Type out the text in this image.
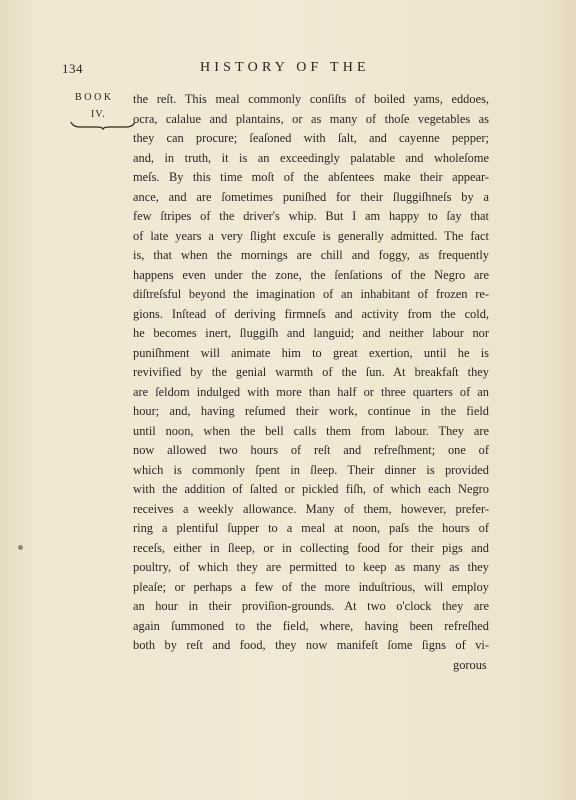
134	HISTORY OF THE
BOOK
IV.
the reſt. This meal commonly conſiſts of boiled yams, eddoes,
ocra, calalue and plantains, or as many of thoſe vegetables as
they can procure; ſeaſoned with ſalt, and cayenne pepper;
and, in truth, it is an exceedingly palatable and wholeſome
meſs. By this time moſt of the abſentees make their appear-
ance, and are ſometimes puniſhed for their ſluggiſhneſs by a
few ſtripes of the driver's whip. But I am happy to ſay that
of late years a very ſlight excuſe is generally admitted. The fact
is, that when the mornings are chill and foggy, as frequently
happens even under the zone, the ſenſations of the Negro are
diſtreſsful beyond the imagination of an inhabitant of frozen re-
gions. Inſtead of deriving firmneſs and activity from the cold,
he becomes inert, ſluggiſh and languid; and neither labour nor
puniſhment will animate him to great exertion, until he is
revivified by the genial warmth of the ſun. At breakfaſt they
are ſeldom indulged with more than half or three quarters of an
hour; and, having reſumed their work, continue in the field
until noon, when the bell calls them from labour. They are
now allowed two hours of reſt and refreſhment; one of
which is commonly ſpent in ſleep. Their dinner is provided
with the addition of ſalted or pickled fiſh, of which each Negro
receives a weekly allowance. Many of them, however, prefer-
ring a plentiful ſupper to a meal at noon, paſs the hours of
receſs, either in ſleep, or in collecting food for their pigs and
poultry, of which they are permitted to keep as many as they
pleaſe; or perhaps a few of the more induſtrious, will employ
an hour in their proviſion-grounds. At two o'clock they are
again ſummoned to the field, where, having been refreſhed
both by reſt and food, they now manifeſt ſome ſigns of vi-
gorous
